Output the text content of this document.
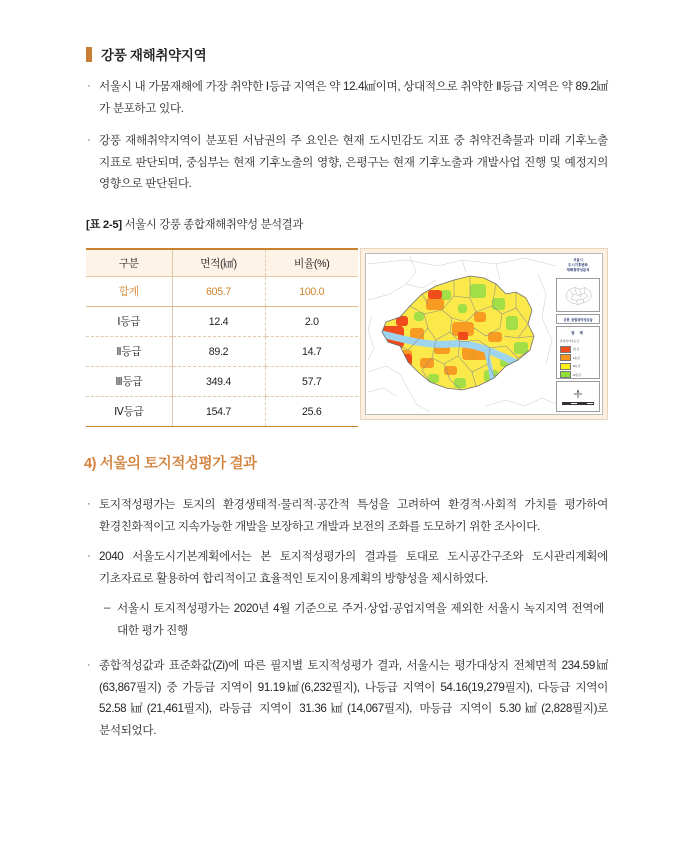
강풍 재해취약지역
· 서울시 내 가뭄재해에 가장 취약한 Ⅰ등급 지역은 약 12.4㎢이며, 상대적으로 취약한 Ⅱ등급 지역은 약 89.2㎢가 분포하고 있다.
· 강풍 재해취약지역이 분포된 서남권의 주 요인은 현재 도시민감도 지표 중 취약건축물과 미래 기후노출 지표로 판단되며, 중심부는 현재 기후노출의 영향, 은평구는 현재 기후노출과 개발사업 진행 및 예정지의 영향으로 판단된다.
[표 2-5] 서울시 강풍 종합재해취약성 분석결과
구분	면적(㎢)	비율(%)
합계	605.7	100.0
Ⅰ등급	12.4	2.0
Ⅱ등급	89.2	14.7
Ⅲ등급	349.4	57.7
Ⅳ등급	154.7	25.6
서울시
도시기후변화
재해취약성분석
강풍_종합취약성등급
범 례
종합취약성등급
Ⅰ등급
Ⅱ등급
Ⅲ등급
Ⅳ등급
4) 서울의 토지적성평가 결과
· 토지적성평가는 토지의 환경생태적·물리적·공간적 특성을 고려하여 환경적·사회적 가치를 평가하여 환경친화적이고 지속가능한 개발을 보장하고 개발과 보전의 조화를 도모하기 위한 조사이다.
· 2040 서울도시기본계획에서는 본 토지적성평가의 결과를 토대로 도시공간구조와 도시관리계획에 기초자료로 활용하여 합리적이고 효율적인 토지이용계획의 방향성을 제시하였다.
– 서울시 토지적성평가는 2020년 4월 기준으로 주거·상업·공업지역을 제외한 서울시 녹지지역 전역에 대한 평가 진행
· 종합적성값과 표준화값(Zi)에 따른 필지별 토지적성평가 결과, 서울시는 평가대상지 전체면적 234.59㎢(63,867필지) 중 가등급 지역이 91.19㎢(6,232필지), 나등급 지역이 54.16(19,279필지), 다등급 지역이 52.58㎢(21,461필지), 라등급 지역이 31.36㎢(14,067필지), 마등급 지역이 5.30㎢(2,828필지)로 분석되었다.
